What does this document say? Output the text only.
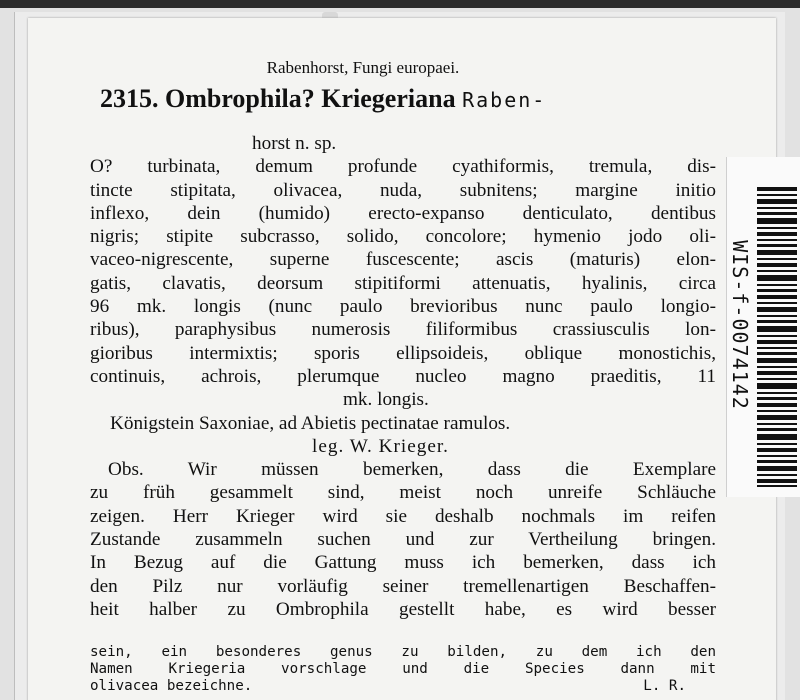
Rabenhorst, Fungi europaei.
2315. Ombrophila? Kriegeriana Raben-
horst n. sp.
O? turbinata, demum profunde cyathiformis, tremula, dis-
tincte stipitata, olivacea, nuda, subnitens; margine initio
inflexo, dein (humido) erecto-expanso denticulato, dentibus
nigris; stipite subcrasso, solido, concolore; hymenio jodo oli-
vaceo-nigrescente, superne fuscescente; ascis (maturis) elon-
gatis, clavatis, deorsum stipitiformi attenuatis, hyalinis, circa
96 mk. longis (nunc paulo brevioribus nunc paulo longio-
ribus), paraphysibus numerosis filiformibus crassiusculis lon-
gioribus intermixtis; sporis ellipsoideis, oblique monostichis,
continuis, achrois, plerumque nucleo magno praeditis, 11
mk. longis.
Königstein Saxoniae, ad Abietis pectinatae ramulos.
leg. W. Krieger.
Obs. Wir müssen bemerken, dass die Exemplare
zu früh gesammelt sind, meist noch unreife Schläuche
zeigen. Herr Krieger wird sie deshalb nochmals im reifen
Zustande zusammeln suchen und zur Vertheilung bringen.
In Bezug auf die Gattung muss ich bemerken, dass ich
den Pilz nur vorläufig seiner tremellenartigen Beschaffen-
heit halber zu Ombrophila gestellt habe, es wird besser
sein, ein besonderes genus zu bilden, zu dem ich den
Namen Kriegeria vorschlage und die Species dann mit
olivacea bezeichne.	L. R.
WIS-f-0074142
